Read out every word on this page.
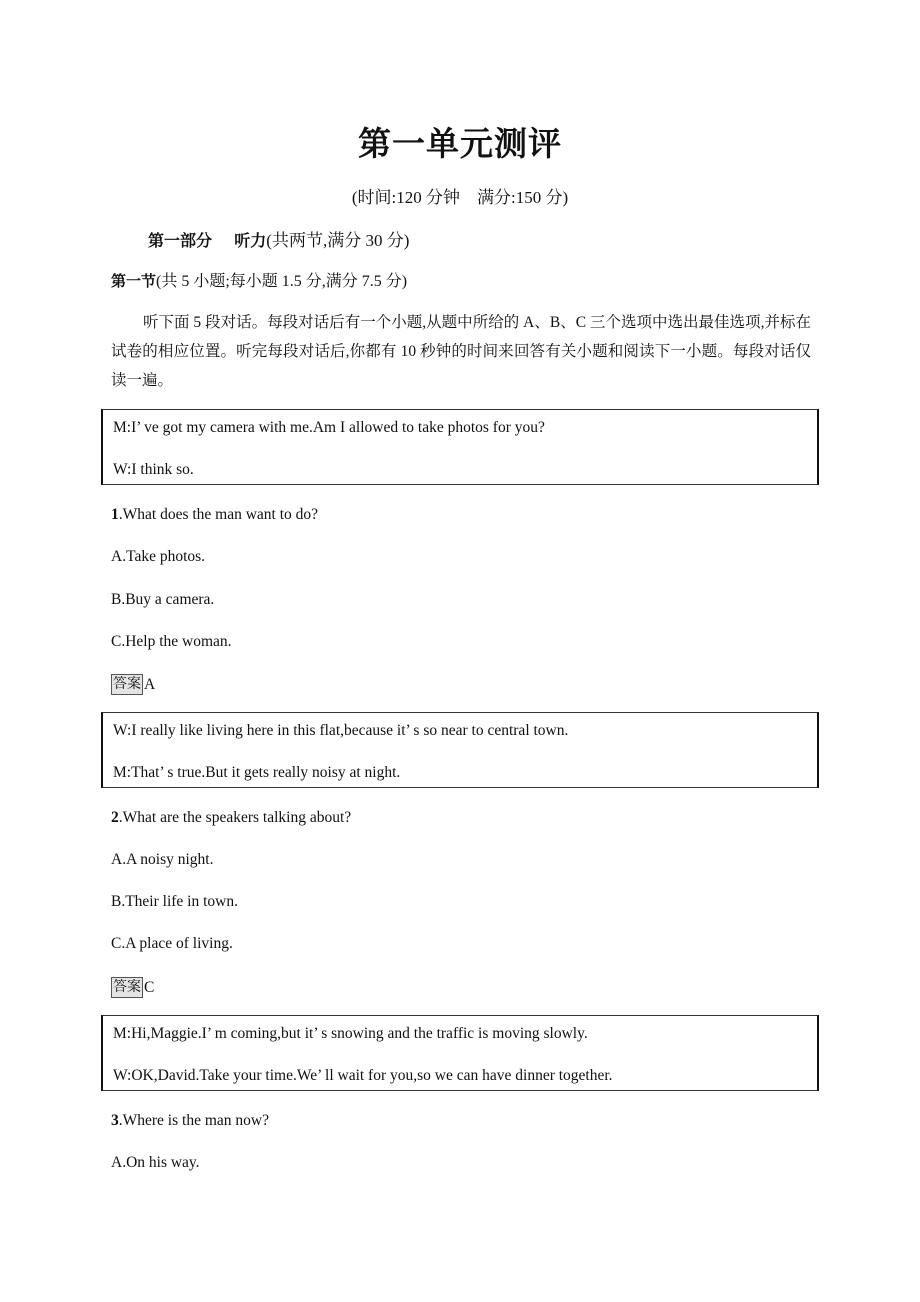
第一单元测评
(时间:120 分钟    满分:150 分)
第一部分    听力(共两节,满分 30 分)
第一节(共 5 小题;每小题 1.5 分,满分 7.5 分)
听下面 5 段对话。每段对话后有一个小题,从题中所给的 A、B、C 三个选项中选出最佳选项,并标在试卷的相应位置。听完每段对话后,你都有 10 秒钟的时间来回答有关小题和阅读下一小题。每段对话仅读一遍。
M:I’ ve got my camera with me.Am I allowed to take photos for you?
W:I think so.
1.What does the man want to do?
A.Take photos.
B.Buy a camera.
C.Help the woman.
答案 A
W:I really like living here in this flat,because it’ s so near to central town.
M:That’ s true.But it gets really noisy at night.
2.What are the speakers talking about?
A.A noisy night.
B.Their life in town.
C.A place of living.
答案 C
M:Hi,Maggie.I’ m coming,but it’ s snowing and the traffic is moving slowly.
W:OK,David.Take your time.We’ ll wait for you,so we can have dinner together.
3.Where is the man now?
A.On his way.
